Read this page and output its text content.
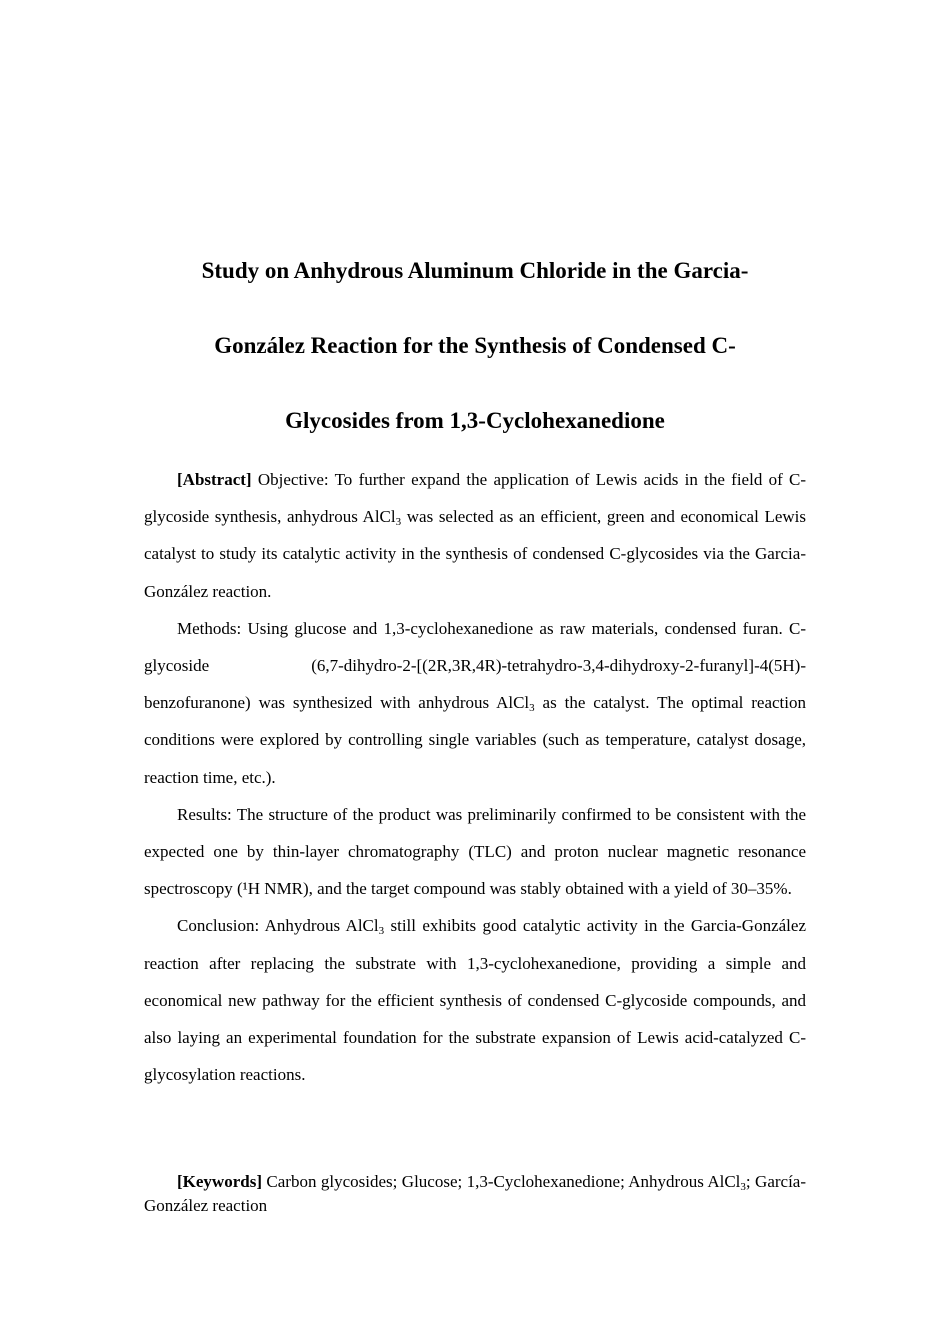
Study on Anhydrous Aluminum Chloride in the Garcia-
González Reaction for the Synthesis of Condensed C-
Glycosides from 1,3-Cyclohexanedione

[Abstract] Objective: To further expand the application of Lewis acids in the field of C-glycoside synthesis, anhydrous AlCl$_3$ was selected as an efficient, green and economical Lewis catalyst to study its catalytic activity in the synthesis of condensed C-glycosides via the Garcia-González reaction.

Methods: Using glucose and 1,3-cyclohexanedione as raw materials, condensed furan. C-glycoside	(6,7-dihydro-2-[(2R,3R,4R)-tetrahydro-3,4-dihydroxy-2-furanyl]-4(5H)-benzofuranone) was synthesized with anhydrous AlCl$_3$ as the catalyst. The optimal reaction conditions were explored by controlling single variables (such as temperature, catalyst dosage, reaction time, etc.).

Results: The structure of the product was preliminarily confirmed to be consistent with the expected one by thin-layer chromatography (TLC) and proton nuclear magnetic resonance spectroscopy (¹H NMR), and the target compound was stably obtained with a yield of 30–35%.

Conclusion: Anhydrous AlCl$_3$ still exhibits good catalytic activity in the Garcia-González reaction after replacing the substrate with 1,3-cyclohexanedione, providing a simple and economical new pathway for the efficient synthesis of condensed C-glycoside compounds, and also laying an experimental foundation for the substrate expansion of Lewis acid-catalyzed C-glycosylation reactions.

[Keywords] Carbon glycosides; Glucose; 1,3-Cyclohexanedione; Anhydrous AlCl$_3$; García-González reaction
